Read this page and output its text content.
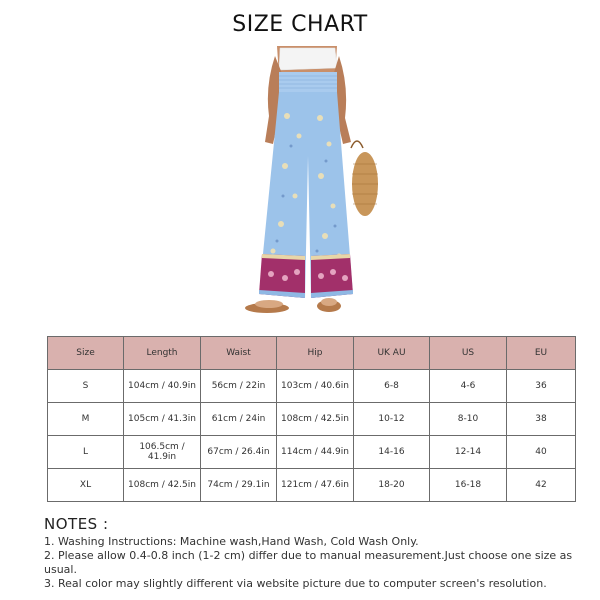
SIZE CHART
Size	Length	Waist	Hip	UK AU	US	EU
S	104cm / 40.9in	56cm / 22in	103cm / 40.6in	6-8	4-6	36
M	105cm / 41.3in	61cm / 24in	108cm / 42.5in	10-12	8-10	38
L	106.5cm / 41.9in	67cm / 26.4in	114cm / 44.9in	14-16	12-14	40
XL	108cm / 42.5in	74cm / 29.1in	121cm / 47.6in	18-20	16-18	42
NOTES :
1. Washing Instructions: Machine wash,Hand Wash, Cold Wash Only.
2. Please allow 0.4-0.8 inch (1-2 cm) differ due to manual measurement.Just choose one size as usual.
3. Real color may slightly different via website picture due to computer screen's resolution.
